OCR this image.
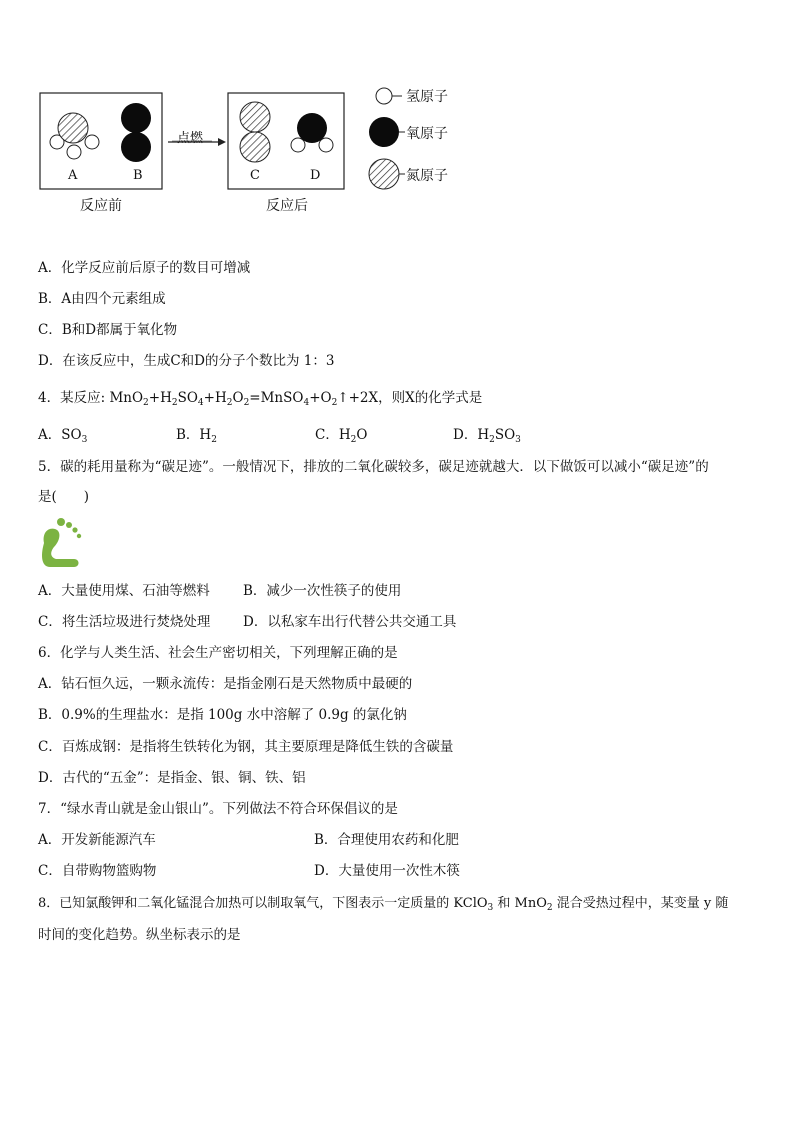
点燃
A	B	C	D
反应前	反应后
氢原子
氧原子
氮原子
A．化学反应前后原子的数目可增减
B．A由四个元素组成
C．B和D都属于氧化物
D．在该反应中，生成C和D的分子个数比为 1：3
4．某反应: $MnO_2+H_2SO_4+H_2O_2=MnSO_4+O_2↑+2X$，则X的化学式是
A．$SO_3$	B．$H_2$	C．$H_2O$	D．$H_2SO_3$
5．碳的耗用量称为“碳足迹”。一般情况下，排放的二氧化碳较多，碳足迹就越大．以下做饭可以减小“碳足迹”的
是(　　)
CO2
A．大量使用煤、石油等燃料 B．减少一次性筷子的使用
C．将生活垃圾进行焚烧处理 D．以私家车出行代替公共交通工具
6．化学与人类生活、社会生产密切相关，下列理解正确的是
A．钻石恒久远，一颗永流传：是指金刚石是天然物质中最硬的
B．0.9%的生理盐水：是指 100g 水中溶解了 0.9g 的氯化钠
C．百炼成钢：是指将生铁转化为钢，其主要原理是降低生铁的含碳量
D．古代的“五金”：是指金、银、铜、铁、铝
7．“绿水青山就是金山银山”。下列做法不符合环保倡议的是
A．开发新能源汽车	B．合理使用农药和化肥
C．自带购物篮购物	D．大量使用一次性木筷
8．已知氯酸钾和二氧化锰混合加热可以制取氧气，下图表示一定质量的 KClO$_3$ 和 MnO$_2$ 混合受热过程中，某变量 y 随
时间的变化趋势。纵坐标表示的是
